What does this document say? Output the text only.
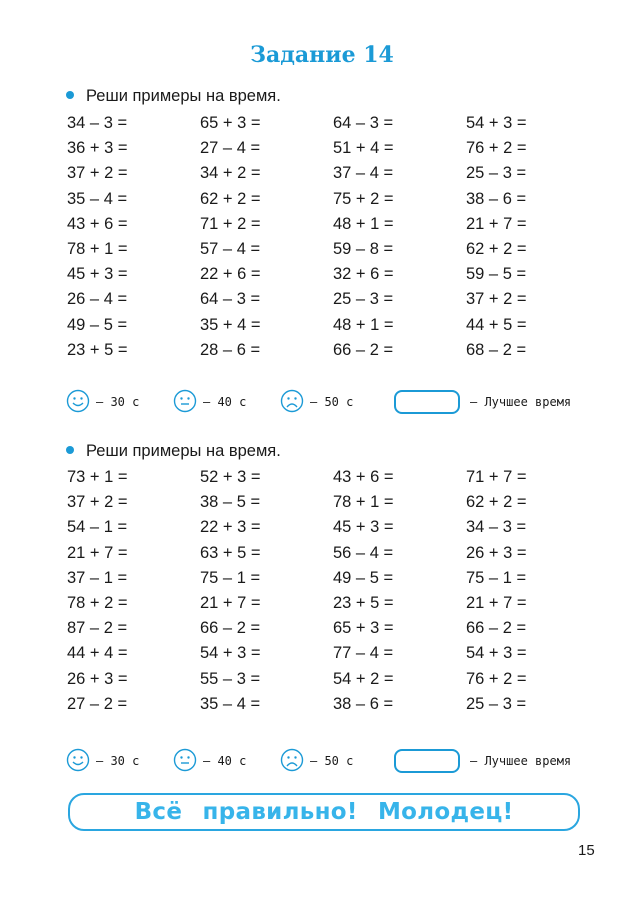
Задание 14
Реши примеры на время.
34 – 3 =	65 + 3 =	64 – 3 =	54 + 3 =
36 + 3 =	27 – 4 =	51 + 4 =	76 + 2 =
37 + 2 =	34 + 2 =	37 – 4 =	25 – 3 =
35 – 4 =	62 + 2 =	75 + 2 =	38 – 6 =
43 + 6 =	71 + 2 =	48 + 1 =	21 + 7 =
78 + 1 =	57 – 4 =	59 – 8 =	62 + 2 =
45 + 3 =	22 + 6 =	32 + 6 =	59 – 5 =
26 – 4 =	64 – 3 =	25 – 3 =	37 + 2 =
49 – 5 =	35 + 4 =	48 + 1 =	44 + 5 =
23 + 5 =	28 – 6 =	66 – 2 =	68 – 2 =
— 30 с	— 40 с	— 50 с	— Лучшее время
Реши примеры на время.
73 + 1 =	52 + 3 =	43 + 6 =	71 + 7 =
37 + 2 =	38 – 5 =	78 + 1 =	62 + 2 =
54 – 1 =	22 + 3 =	45 + 3 =	34 – 3 =
21 + 7 =	63 + 5 =	56 – 4 =	26 + 3 =
37 – 1 =	75 – 1 =	49 – 5 =	75 – 1 =
78 + 2 =	21 + 7 =	23 + 5 =	21 + 7 =
87 – 2 =	66 – 2 =	65 + 3 =	66 – 2 =
44 + 4 =	54 + 3 =	77 – 4 =	54 + 3 =
26 + 3 =	55 – 3 =	54 + 2 =	76 + 2 =
27 – 2 =	35 – 4 =	38 – 6 =	25 – 3 =
— 30 с	— 40 с	— 50 с	— Лучшее время
Всё правильно! Молодец!
15
